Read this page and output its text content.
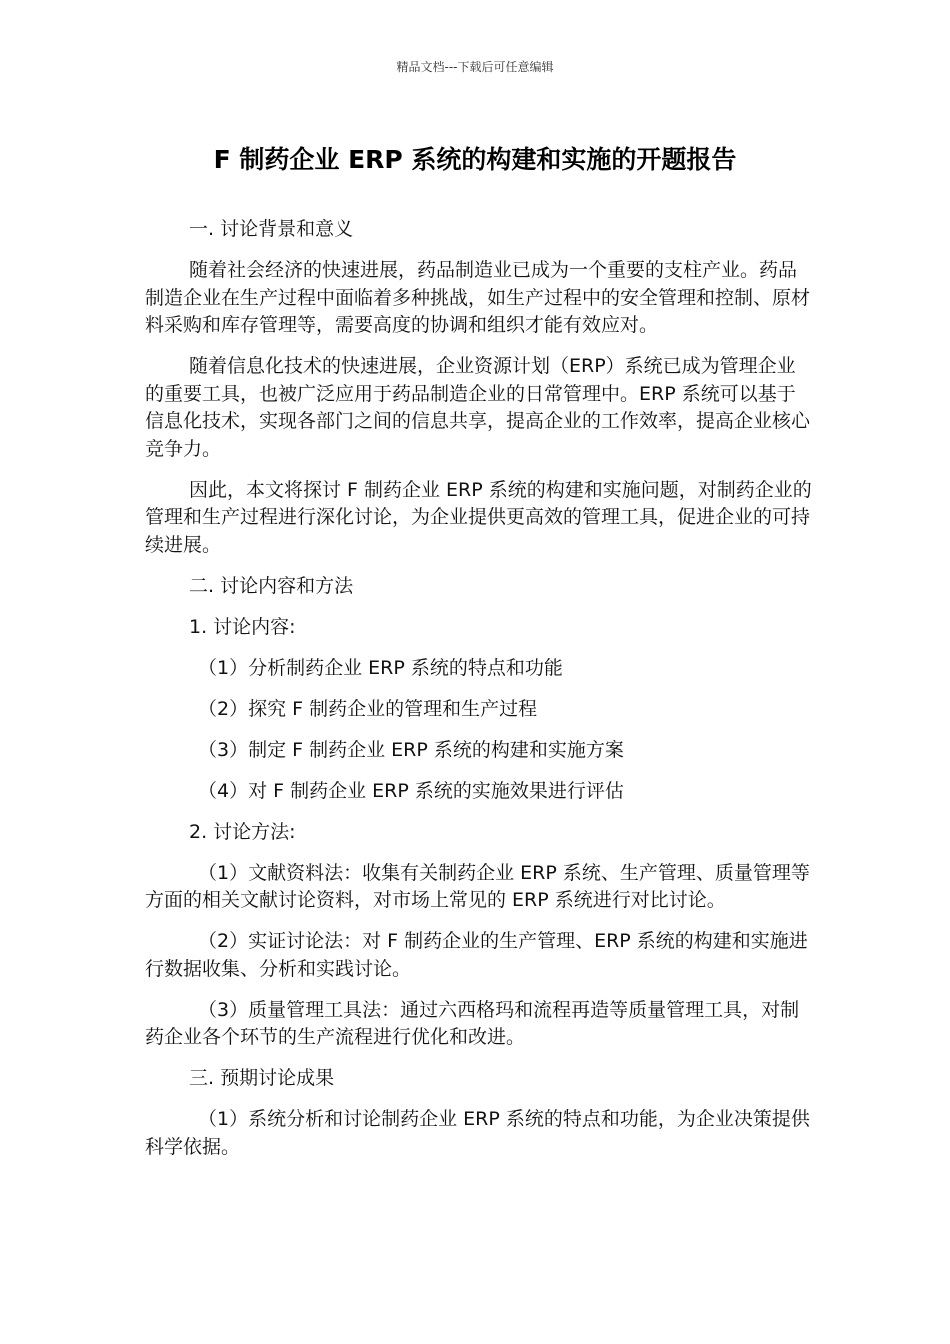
精品文档---下载后可任意编辑
F 制药企业 ERP 系统的构建和实施的开题报告

一. 讨论背景和意义

随着社会经济的快速进展，药品制造业已成为一个重要的支柱产业。药品制造企业在生产过程中面临着多种挑战，如生产过程中的安全管理和控制、原材料采购和库存管理等，需要高度的协调和组织才能有效应对。

随着信息化技术的快速进展，企业资源计划（ERP）系统已成为管理企业的重要工具，也被广泛应用于药品制造企业的日常管理中。ERP 系统可以基于信息化技术，实现各部门之间的信息共享，提高企业的工作效率，提高企业核心竞争力。

因此，本文将探讨 F 制药企业 ERP 系统的构建和实施问题，对制药企业的管理和生产过程进行深化讨论，为企业提供更高效的管理工具，促进企业的可持续进展。

二. 讨论内容和方法

1. 讨论内容:

（1）分析制药企业 ERP 系统的特点和功能

（2）探究 F 制药企业的管理和生产过程

（3）制定 F 制药企业 ERP 系统的构建和实施方案

（4）对 F 制药企业 ERP 系统的实施效果进行评估

2. 讨论方法:

（1）文献资料法：收集有关制药企业 ERP 系统、生产管理、质量管理等方面的相关文献讨论资料，对市场上常见的 ERP 系统进行对比讨论。

（2）实证讨论法：对 F 制药企业的生产管理、ERP 系统的构建和实施进行数据收集、分析和实践讨论。

（3）质量管理工具法：通过六西格玛和流程再造等质量管理工具，对制药企业各个环节的生产流程进行优化和改进。

三. 预期讨论成果

（1）系统分析和讨论制药企业 ERP 系统的特点和功能，为企业决策提供科学依据。
